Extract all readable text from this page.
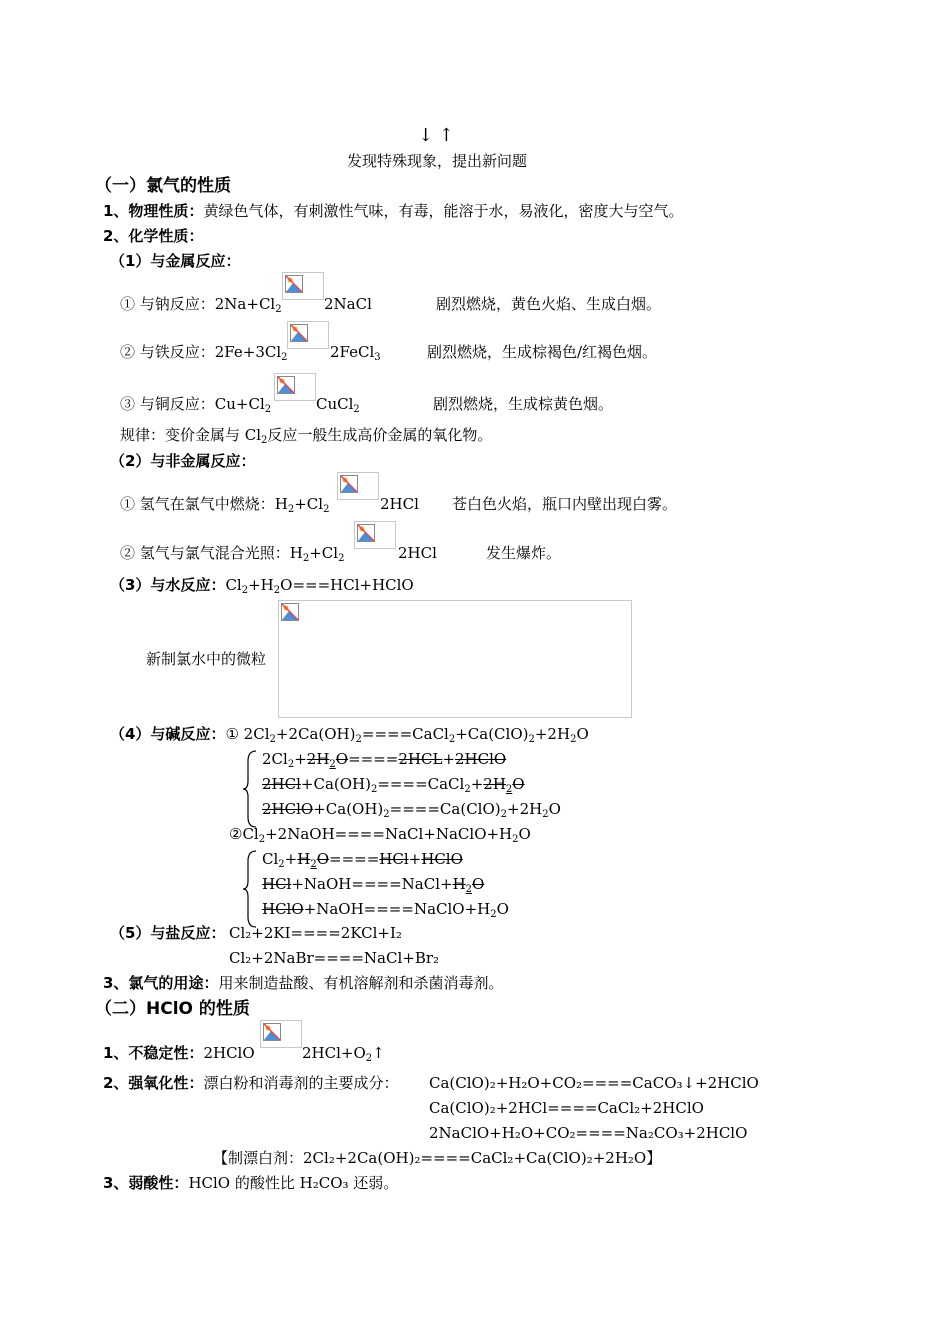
↓ ↑
发现特殊现象，提出新问题
（一）氯气的性质
1、物理性质：黄绿色气体，有刺激性气味，有毒，能溶于水，易液化，密度大与空气。
2、化学性质：
（1）与金属反应：
① 与钠反应：$2Na+Cl_2$	2NaCl	剧烈燃烧，黄色火焰、生成白烟。
② 与铁反应：$2Fe+3Cl_2$	2FeCl$_3$	剧烈燃烧，生成棕褐色/红褐色烟。
③ 与铜反应：$Cu+Cl_2$	CuCl$_2$	剧烈燃烧，生成棕黄色烟。
规律：变价金属与 $Cl_2$反应一般生成高价金属的氧化物。
（2）与非金属反应：
① 氢气在氯气中燃烧：$H_2+Cl_2$	2HCl 苍白色火焰，瓶口内壁出现白雾。
② 氢气与氯气混合光照：$H_2+Cl_2$	2HCl	发生爆炸。
（3）与水反应：$Cl_2+H_2O===HCl+HClO$
新制氯水中的微粒
（4）与碱反应：① $2Cl_2+2Ca(OH)_2====CaCl_2+Ca(ClO)_2+2H_2O$
$2Cl_2+2H_2O====2HCL+2HClO$
$2HCl+Ca(OH)_2====CaCl_2+2H_2O$
$2HClO+Ca(OH)_2====Ca(ClO)_2+2H_2O$
$②Cl_2+2NaOH====NaCl+NaClO+H_2O$
$Cl_2+H_2O====HCl+HClO$
$HCl+NaOH====NaCl+H_2O$
$HClO+NaOH====NaClO+H_2O$
（5）与盐反应： Cl₂+2KI====2KCl+I₂
Cl₂+2NaBr====NaCl+Br₂
3、氯气的用途：用来制造盐酸、有机溶解剂和杀菌消毒剂。
（二）HClO 的性质
1、不稳定性：2HClO	$2HCl+O_2↑$
2、强氧化性：漂白粉和消毒剂的主要成分： Ca(ClO)₂+H₂O+CO₂====CaCO₃↓+2HClO
Ca(ClO)₂+2HCl====CaCl₂+2HClO
2NaClO+H₂O+CO₂====Na₂CO₃+2HClO
【制漂白剂：2Cl₂+2Ca(OH)₂====CaCl₂+Ca(ClO)₂+2H₂O】
3、弱酸性：HClO 的酸性比 H₂CO₃ 还弱。
